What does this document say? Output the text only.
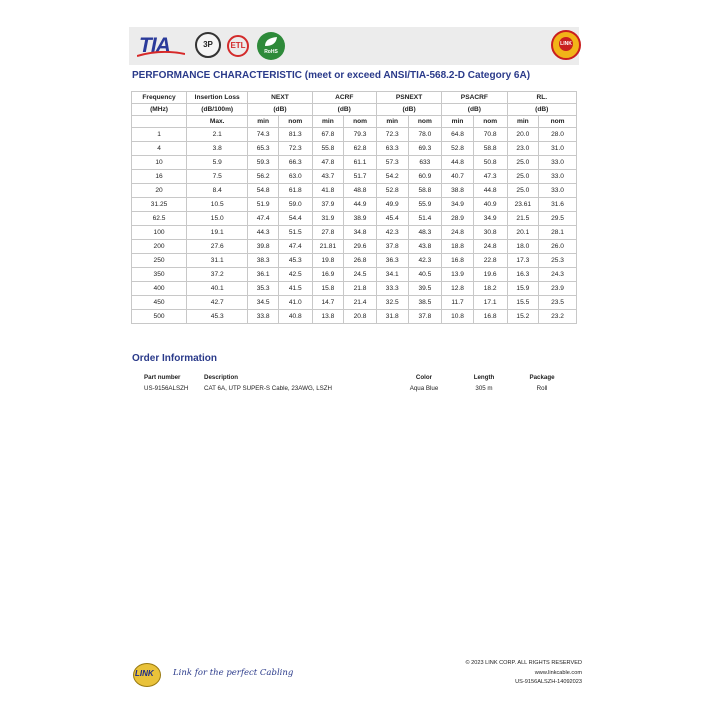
TIA	3P	ETL
RoHS
LINK
PERFORMANCE CHARACTERISTIC (meet or exceed ANSI/TIA-568.2-D Category 6A)
Frequency	Insertion Loss	NEXT		ACRF		PSNEXT		PSACRF		RL.	
(MHz)	(dB/100m)	(dB)		(dB)		(dB)		(dB)		(dB)	
	Max.	min	nom	min	nom	min	nom	min	nom	min	nom
1	2.1	74.3	81.3	67.8	79.3	72.3	78.0	64.8	70.8	20.0	28.0
4	3.8	65.3	72.3	55.8	62.8	63.3	69.3	52.8	58.8	23.0	31.0
10	5.9	59.3	66.3	47.8	61.1	57.3	633	44.8	50.8	25.0	33.0
16	7.5	56.2	63.0	43.7	51.7	54.2	60.9	40.7	47.3	25.0	33.0
20	8.4	54.8	61.8	41.8	48.8	52.8	58.8	38.8	44.8	25.0	33.0
31.25	10.5	51.9	59.0	37.9	44.9	49.9	55.9	34.9	40.9	23.61	31.6
62.5	15.0	47.4	54.4	31.9	38.9	45.4	51.4	28.9	34.9	21.5	29.5
100	19.1	44.3	51.5	27.8	34.8	42.3	48.3	24.8	30.8	20.1	28.1
200	27.6	39.8	47.4	21.81	29.6	37.8	43.8	18.8	24.8	18.0	26.0
250	31.1	38.3	45.3	19.8	26.8	36.3	42.3	16.8	22.8	17.3	25.3
350	37.2	36.1	42.5	16.9	24.5	34.1	40.5	13.9	19.6	16.3	24.3
400	40.1	35.3	41.5	15.8	21.8	33.3	39.5	12.8	18.2	15.9	23.9
450	42.7	34.5	41.0	14.7	21.4	32.5	38.5	11.7	17.1	15.5	23.5
500	45.3	33.8	40.8	13.8	20.8	31.8	37.8	10.8	16.8	15.2	23.2
Order Information
Part number	Description	Color	Length	Package
US-9156ALSZH	CAT 6A, UTP SUPER-S Cable, 23AWG, LSZH	Aqua Blue	305 m	Roll
LINK Link for the perfect Cabling
© 2023 LINK CORP. ALL RIGHTS RESERVED
www.linkcable.com
US-9156ALSZH-14092023
